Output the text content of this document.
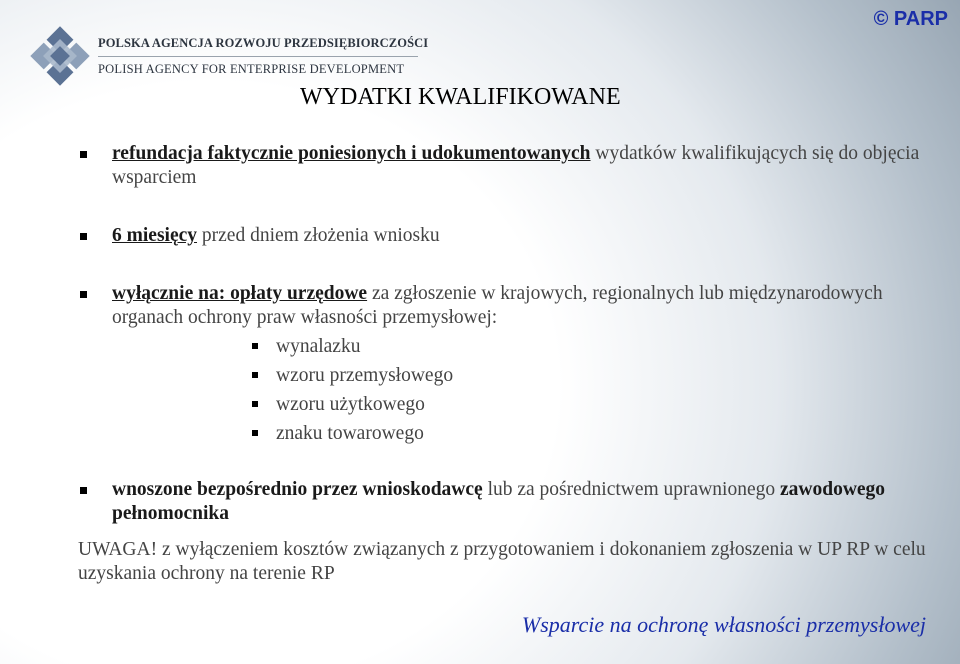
© PARP
POLSKA AGENCJA ROZWOJU PRZEDSIĘBIORCZOŚCI
POLISH AGENCY FOR ENTERPRISE DEVELOPMENT
WYDATKI KWALIFIKOWANE
refundacja faktycznie poniesionych i udokumentowanych wydatków kwalifikujących się do objęcia wsparciem
6 miesięcy przed dniem złożenia wniosku
wyłącznie na: opłaty urzędowe za zgłoszenie w krajowych, regionalnych lub międzynarodowych organach ochrony praw własności przemysłowej:
wynalazku
wzoru przemysłowego
wzoru użytkowego
znaku towarowego
wnoszone bezpośrednio przez wnioskodawcę lub za pośrednictwem uprawnionego zawodowego pełnomocnika
UWAGA! z wyłączeniem kosztów związanych z przygotowaniem i dokonaniem zgłoszenia w UP RP w celu uzyskania ochrony na terenie RP
Wsparcie na ochronę własności przemysłowej
